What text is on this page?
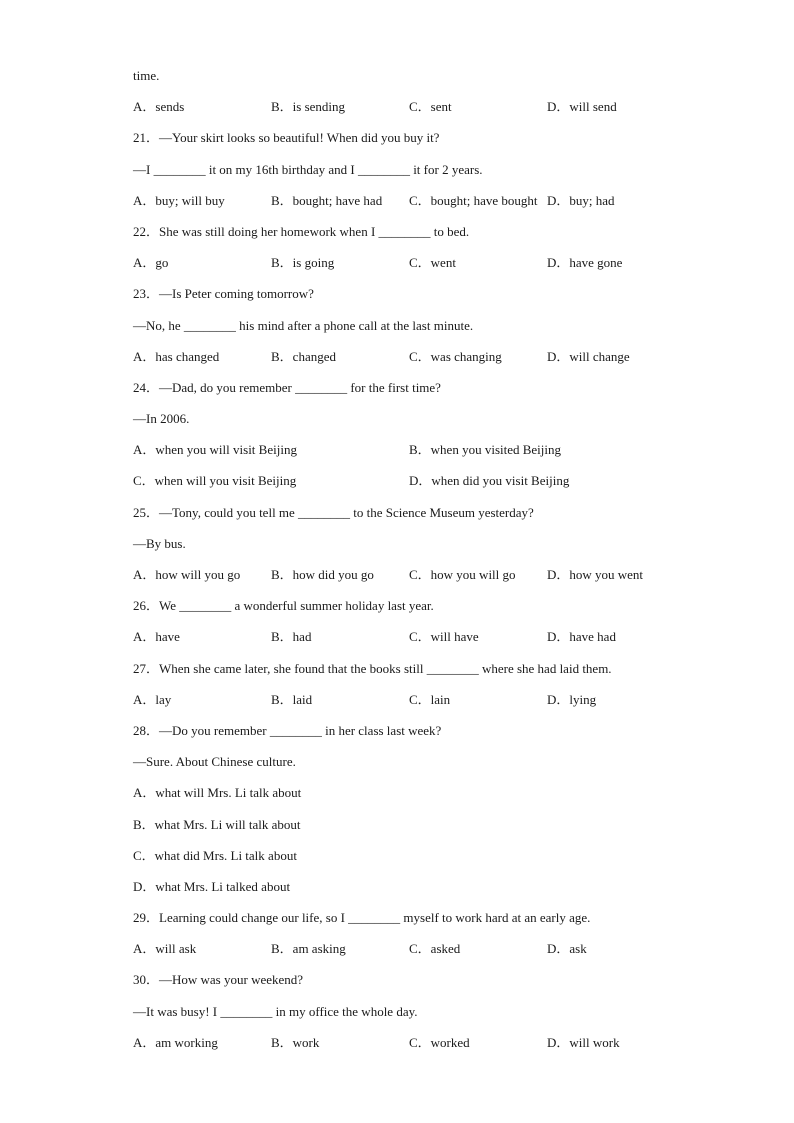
time.
A．sends	B．is sending	C．sent	D．will send
21．—Your skirt looks so beautiful! When did you buy it?
—I ________ it on my 16th birthday and I ________ it for 2 years.
A．buy; will buy	B．bought; have had	C．bought; have bought D．buy; had
22．She was still doing her homework when I ________ to bed.
A．go	B．is going	C．went	D．have gone
23．—Is Peter coming tomorrow?
—No, he ________ his mind after a phone call at the last minute.
A．has changed	B．changed	C．was changing	D．will change
24．—Dad, do you remember ________ for the first time?
—In 2006.
A．when you will visit Beijing	B．when you visited Beijing
C．when will you visit Beijing	D．when did you visit Beijing
25．—Tony, could you tell me ________ to the Science Museum yesterday?
—By bus.
A．how will you go	B．how did you go	C．how you will go	D．how you went
26．We ________ a wonderful summer holiday last year.
A．have	B．had	C．will have	D．have had
27．When she came later, she found that the books still ________ where she had laid them.
A．lay	B．laid	C．lain	D．lying
28．—Do you remember ________ in her class last week?
—Sure. About Chinese culture.
A．what will Mrs. Li talk about
B．what Mrs. Li will talk about
C．what did Mrs. Li talk about
D．what Mrs. Li talked about
29．Learning could change our life, so I ________ myself to work hard at an early age.
A．will ask	B．am asking	C．asked	D．ask
30．—How was your weekend?
—It was busy! I ________ in my office the whole day.
A．am working	B．work	C．worked	D．will work
